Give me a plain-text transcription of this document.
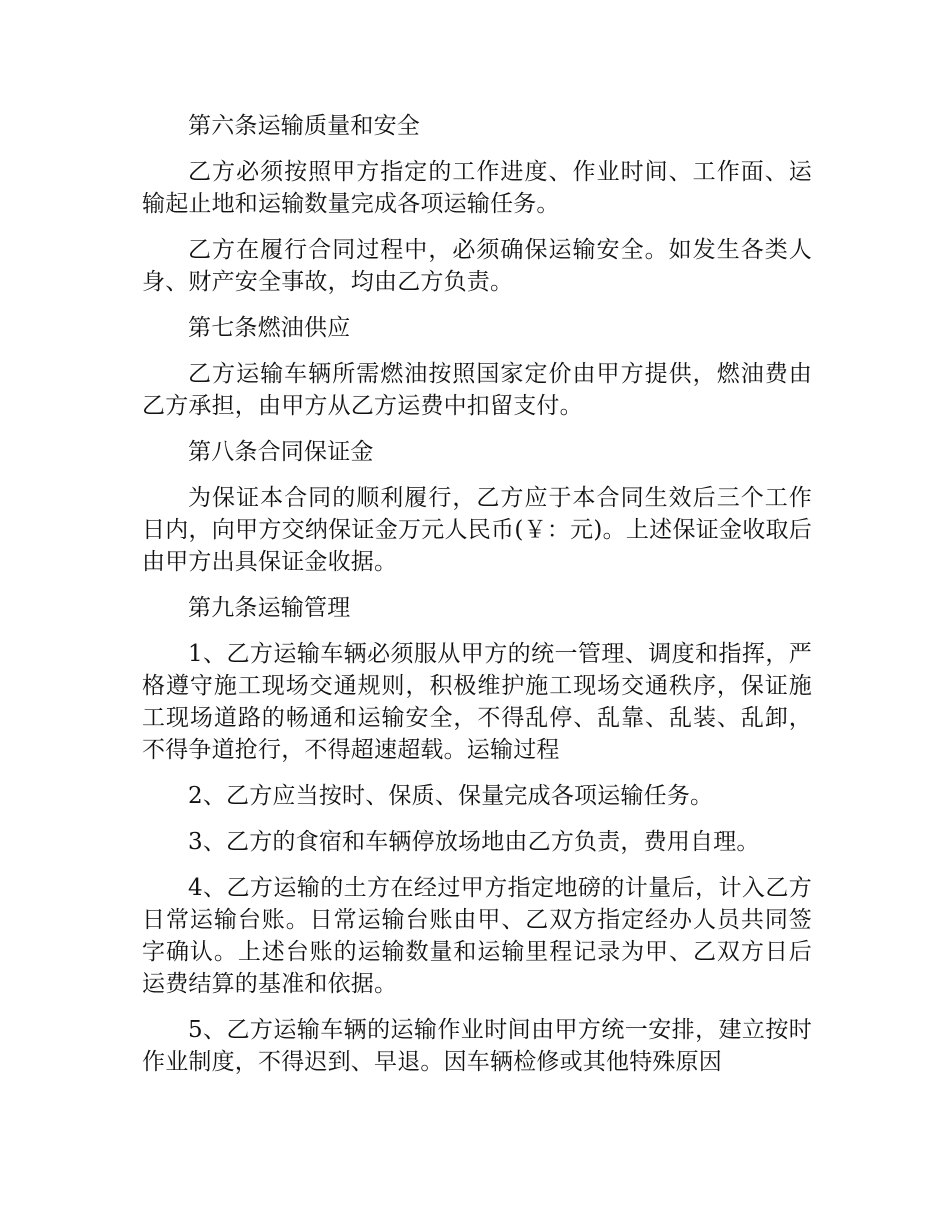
第六条运输质量和安全

乙方必须按照甲方指定的工作进度、作业时间、工作面、运输起止地和运输数量完成各项运输任务。

乙方在履行合同过程中，必须确保运输安全。如发生各类人身、财产安全事故，均由乙方负责。

第七条燃油供应

乙方运输车辆所需燃油按照国家定价由甲方提供，燃油费由乙方承担，由甲方从乙方运费中扣留支付。

第八条合同保证金

为保证本合同的顺利履行，乙方应于本合同生效后三个工作日内，向甲方交纳保证金万元人民币(￥：元)。上述保证金收取后由甲方出具保证金收据。

第九条运输管理

1、乙方运输车辆必须服从甲方的统一管理、调度和指挥，严格遵守施工现场交通规则，积极维护施工现场交通秩序，保证施工现场道路的畅通和运输安全，不得乱停、乱靠、乱装、乱卸，不得争道抢行，不得超速超载。运输过程

2、乙方应当按时、保质、保量完成各项运输任务。

3、乙方的食宿和车辆停放场地由乙方负责，费用自理。

4、乙方运输的土方在经过甲方指定地磅的计量后，计入乙方日常运输台账。日常运输台账由甲、乙双方指定经办人员共同签字确认。上述台账的运输数量和运输里程记录为甲、乙双方日后运费结算的基准和依据。

5、乙方运输车辆的运输作业时间由甲方统一安排，建立按时作业制度，不得迟到、早退。因车辆检修或其他特殊原因
